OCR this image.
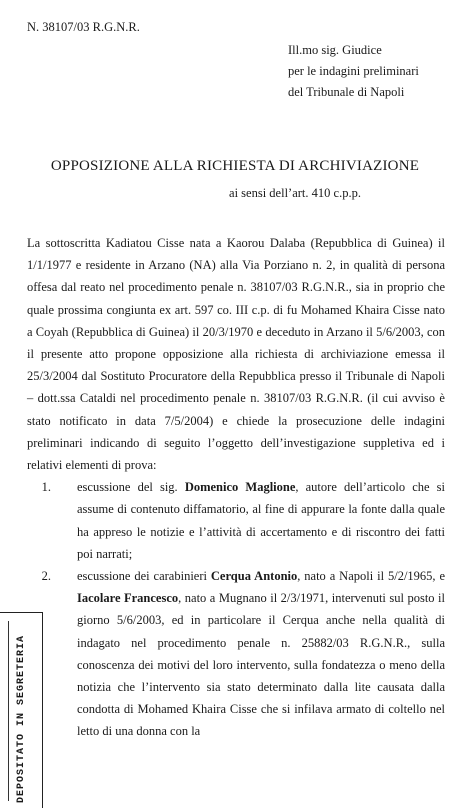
N. 38107/03 R.G.N.R.
Ill.mo sig. Giudice
per le indagini preliminari
del Tribunale di Napoli
OPPOSIZIONE ALLA RICHIESTA DI ARCHIVIAZIONE
ai sensi dell’art. 410 c.p.p.

La sottoscritta Kadiatou Cisse nata a Kaorou Dalaba (Repubblica di Guinea) il 1/1/1977 e residente in Arzano (NA) alla Via Porziano n. 2, in qualità di persona offesa dal reato nel procedimento penale n. 38107/03 R.G.N.R., sia in proprio che quale prossima congiunta ex art. 597 co. III c.p. di fu Mohamed Khaira Cisse nato a Coyah (Repubblica di Guinea) il 20/3/1970 e deceduto in Arzano il 5/6/2003, con il presente atto propone opposizione alla richiesta di archiviazione emessa il 25/3/2004 dal Sostituto Procuratore della Repubblica presso il Tribunale di Napoli – dott.ssa Cataldi nel procedimento penale n. 38107/03 R.G.N.R. (il cui avviso è stato notificato in data 7/5/2004) e chiede la prosecuzione delle indagini preliminari indicando di seguito l’oggetto dell’investigazione suppletiva ed i relativi elementi di prova:

1. escussione del sig. Domenico Maglione, autore dell’articolo che si assume di contenuto diffamatorio, al fine di appurare la fonte dalla quale ha appreso le notizie e l’attività di accertamento e di riscontro dei fatti poi narrati;
2. escussione dei carabinieri Cerqua Antonio, nato a Napoli il 5/2/1965, e Iacolare Francesco, nato a Mugnano il 2/3/1971, intervenuti sul posto il giorno 5/6/2003, ed in particolare il Cerqua anche nella qualità di indagato nel procedimento penale n. 25882/03 R.G.N.R., sulla conoscenza dei motivi del loro intervento, sulla fondatezza o meno della notizia che l’intervento sia stato determinato dalla lite causata dalla condotta di Mohamed Khaira Cisse che si infilava armato di coltello nel letto di una donna con la
DEPOSITATO IN SEGRETERIA
